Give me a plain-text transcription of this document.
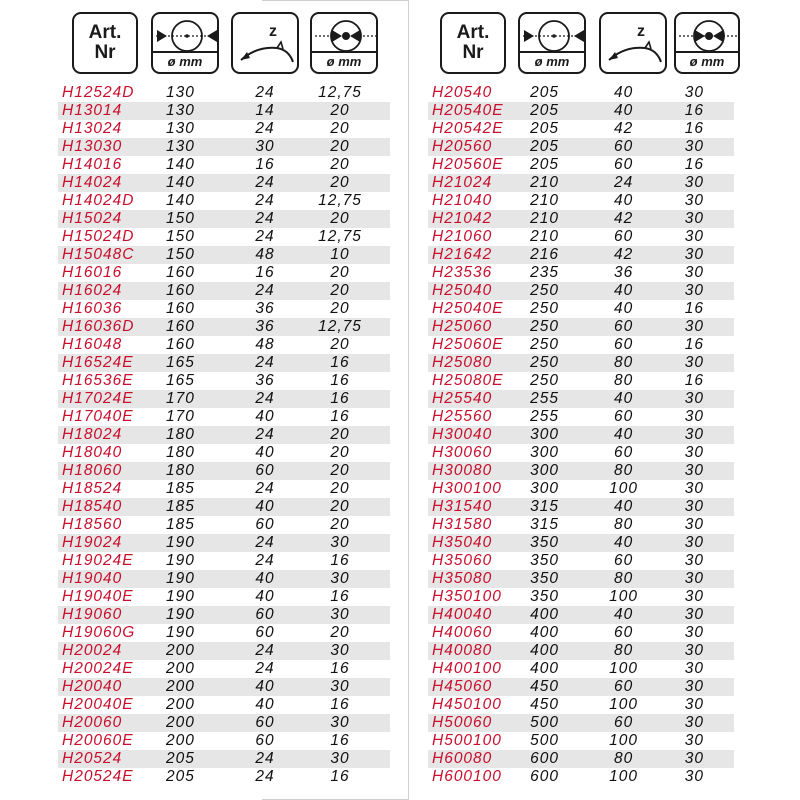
Art.
Nr	ø mm
z
ø mm
Art.
Nr	ø mm
z
ø mm
H12524D	130	24	12,75
H13014	130	14	20
H13024	130	24	20
H13030	130	30	20
H14016	140	16	20
H14024	140	24	20
H14024D	140	24	12,75
H15024	150	24	20
H15024D	150	24	12,75
H15048C	150	48	10
H16016	160	16	20
H16024	160	24	20
H16036	160	36	20
H16036D	160	36	12,75
H16048	160	48	20
H16524E	165	24	16
H16536E	165	36	16
H17024E	170	24	16
H17040E	170	40	16
H18024	180	24	20
H18040	180	40	20
H18060	180	60	20
H18524	185	24	20
H18540	185	40	20
H18560	185	60	20
H19024	190	24	30
H19024E	190	24	16
H19040	190	40	30
H19040E	190	40	16
H19060	190	60	30
H19060G	190	60	20
H20024	200	24	30
H20024E	200	24	16
H20040	200	40	30
H20040E	200	40	16
H20060	200	60	30
H20060E	200	60	16
H20524	205	24	30
H20524E	205	24	16
H20540	205	40	30
H20540E	205	40	16
H20542E	205	42	16
H20560	205	60	30
H20560E	205	60	16
H21024	210	24	30
H21040	210	40	30
H21042	210	42	30
H21060	210	60	30
H21642	216	42	30
H23536	235	36	30
H25040	250	40	30
H25040E	250	40	16
H25060	250	60	30
H25060E	250	60	16
H25080	250	80	30
H25080E	250	80	16
H25540	255	40	30
H25560	255	60	30
H30040	300	40	30
H30060	300	60	30
H30080	300	80	30
H300100	300	100	30
H31540	315	40	30
H31580	315	80	30
H35040	350	40	30
H35060	350	60	30
H35080	350	80	30
H350100	350	100	30
H40040	400	40	30
H40060	400	60	30
H40080	400	80	30
H400100	400	100	30
H45060	450	60	30
H450100	450	100	30
H50060	500	60	30
H500100	500	100	30
H60080	600	80	30
H600100	600	100	30
